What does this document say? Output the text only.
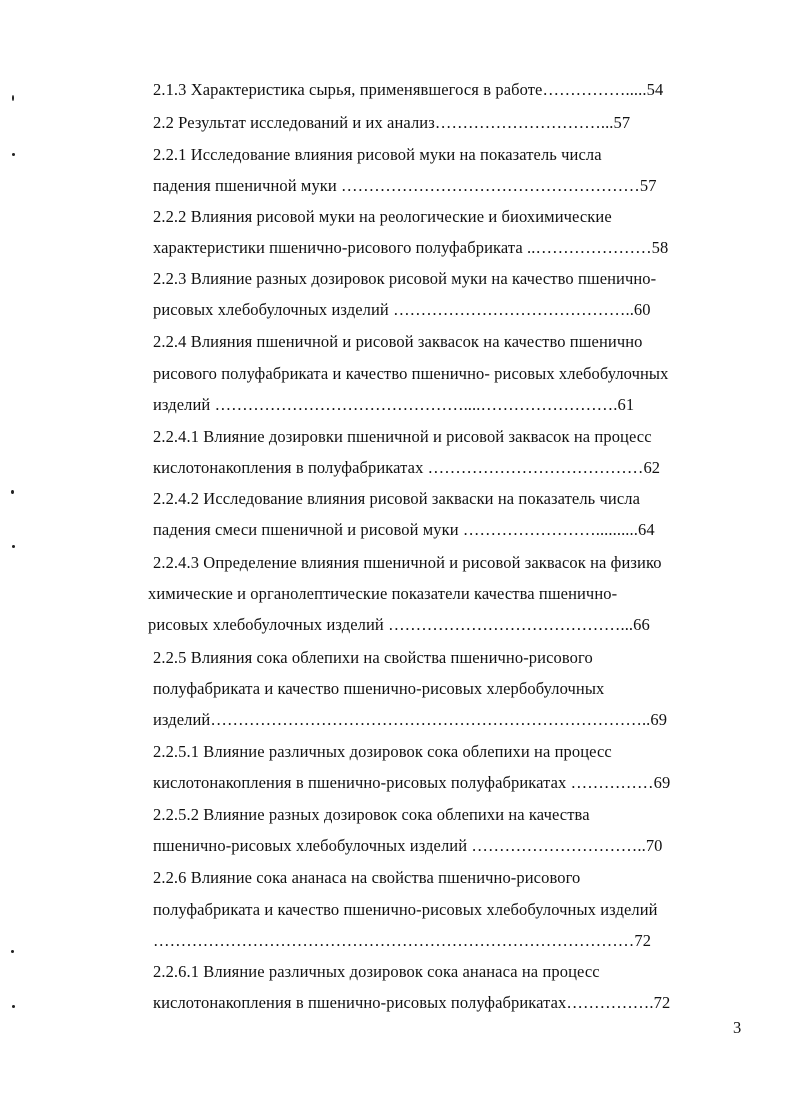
2.1.3 Характеристика сырья, применявшегося в работе…………….....54
2.2 Результат исследований и их анализ…………………………...57
2.2.1 Исследование влияния рисовой муки на показатель числа
падения пшеничной муки ………………………………………………57
2.2.2 Влияния рисовой муки на реологические и биохимические
характеристики пшенично-рисового полуфабриката ..…………………58
2.2.3 Влияние разных дозировок рисовой муки на качество пшенично-
рисовых хлебобулочных изделий ……………………………………..60
2.2.4 Влияния пшеничной и рисовой заквасок на качество пшенично
рисового полуфабриката и качество пшенично- рисовых хлебобулочных
изделий ………………………………………....…………………….61
2.2.4.1 Влияние дозировки пшеничной и рисовой заквасок на процесс
кислотонакопления в полуфабрикатах …………………………………62
2.2.4.2 Исследование влияния рисовой закваски на показатель числа
падения смеси пшеничной и рисовой муки ……………………..........64
2.2.4.3 Определение влияния пшеничной и рисовой заквасок на физико
химические и органолептические показатели качества пшенично-
рисовых хлебобулочных изделий ……………………………………...66
2.2.5 Влияния сока облепихи на свойства пшенично-рисового
полуфабриката и качество пшенично-рисовых хлербобулочных
изделий……………………………………………………………………..69
2.2.5.1 Влияние различных дозировок сока облепихи на процесс
кислотонакопления в пшенично-рисовых полуфабрикатах ……………69
2.2.5.2 Влияние разных дозировок сока облепихи на качества
пшенично-рисовых хлебобулочных изделий …………………………..70
2.2.6 Влияние сока ананаса на свойства пшенично-рисового
полуфабриката и качество пшенично-рисовых хлебобулочных изделий
……………………………………………………………………………72
2.2.6.1 Влияние различных дозировок сока ананаса на процесс
кислотонакопления в пшенично-рисовых полуфабрикатах…………….72
3
